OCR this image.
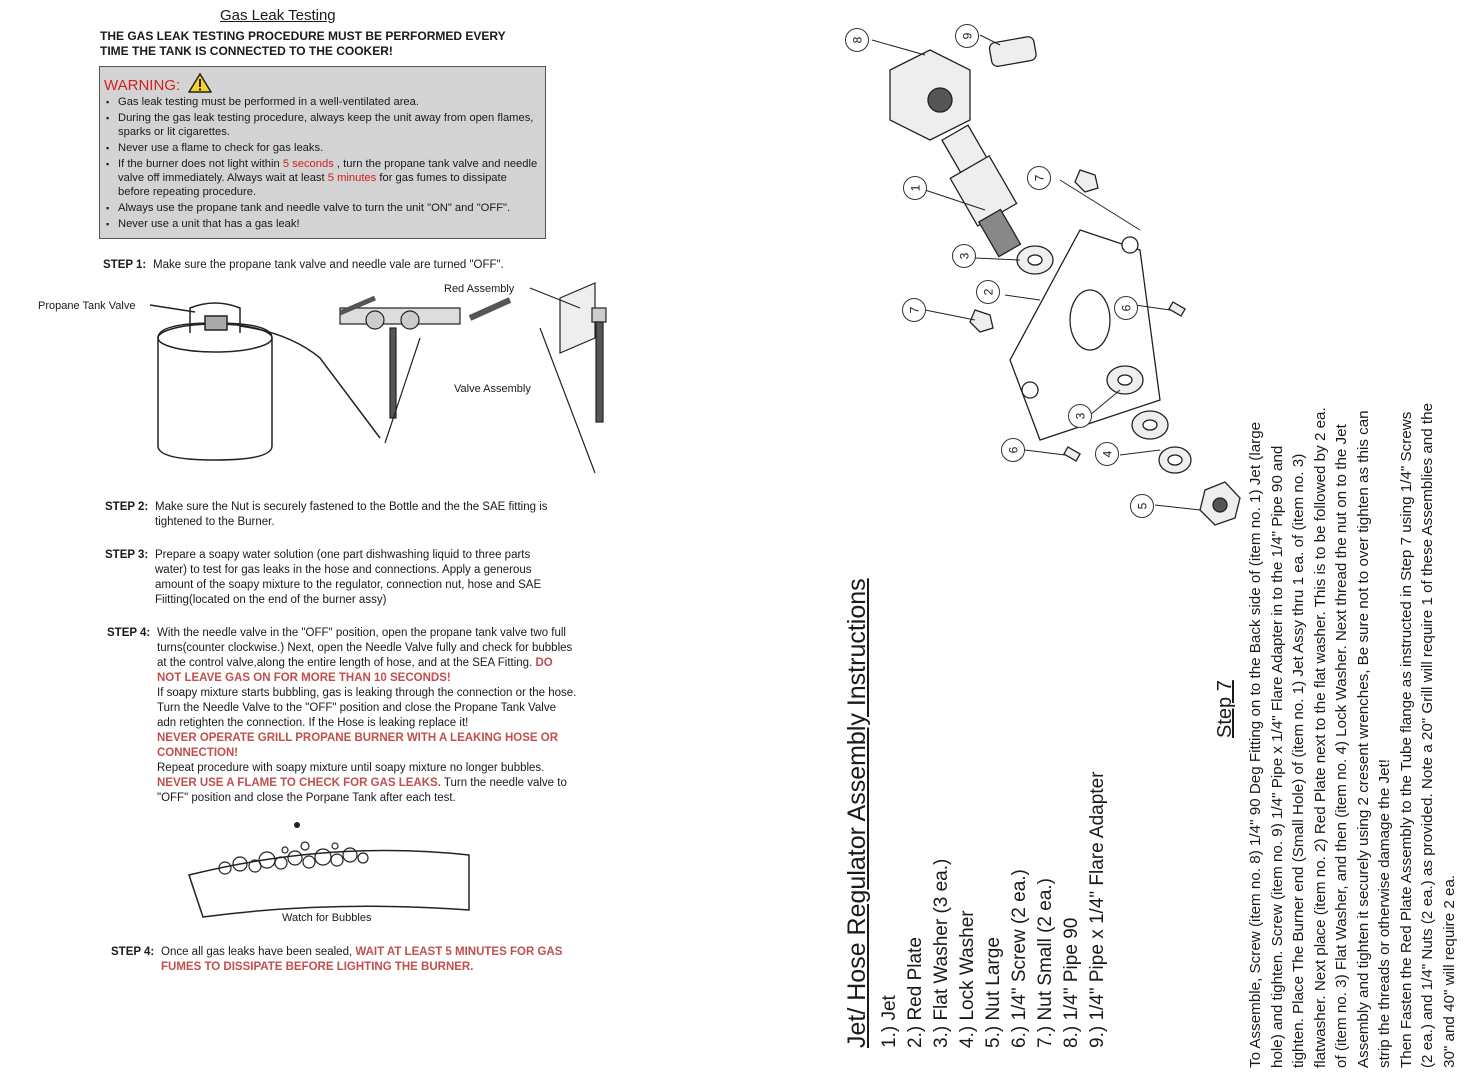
Gas Leak Testing
THE GAS LEAK TESTING PROCEDURE MUST BE PERFORMED EVERY TIME THE TANK IS CONNECTED TO THE COOKER!
WARNING:
▪ Gas leak testing must be performed in a well-ventilated area.
▪ During the gas leak testing procedure, always keep the unit away from open flames, sparks or lit cigarettes.
▪ Never use a flame to check for gas leaks.
▪ If the burner does not light within 5 seconds , turn the propane tank valve and needle valve off immediately. Always wait at least 5 minutes for gas fumes to dissipate before repeating procedure.
▪ Always use the propane tank and needle valve to turn the unit "ON" and "OFF".
▪ Never use a unit that has a gas leak!
STEP 1: Make sure the propane tank valve and needle vale are turned "OFF".
Propane Tank Valve
Red Assembly
Valve Assembly
STEP 2: Make sure the Nut is securely fastened to the Bottle and the the SAE fitting is tightened to the Burner.
STEP 3: Prepare a soapy water solution (one part dishwashing liquid to three parts water) to test for gas leaks in the hose and connections. Apply a generous amount of the soapy mixture to the regulator, connection nut, hose and SAE Fiitting(located on the end of the burner assy)
STEP 4: With the needle valve in the "OFF" position, open the propane tank valve two full turns(counter clockwise.) Next, open the Needle Valve fully and check for bubbles at the control valve,along the entire length of hose, and at the SEA Fitting. DO NOT LEAVE GAS ON FOR MORE THAN 10 SECONDS!
If soapy mixture starts bubbling, gas is leaking through the connection or the hose. Turn the Needle Valve to the "OFF" position and close the Propane Tank Valve adn retighten the connection. If the Hose is leaking replace it!
NEVER OPERATE GRILL PROPANE BURNER WITH A LEAKING HOSE OR CONNECTION!
Repeat procedure with soapy mixture until soapy mixture no longer bubbles.
NEVER USE A FLAME TO CHECK FOR GAS LEAKS. Turn the needle valve to "OFF" position and close the Porpane Tank after each test.
Watch for Bubbles
STEP 4: Once all gas leaks have been sealed, WAIT AT LEAST 5 MINUTES FOR GAS FUMES TO DISSIPATE BEFORE LIGHTING THE BURNER.
8
9
1
7
3
2
6
7
3
4
6
5
Jet/ Hose Regulator Assembly Instructions 1.) Jet 2.) Red Plate 3.) Flat Washer (3 ea.) 4.) Lock Washer 5.) Nut Large 6.) 1/4" Screw (2 ea.) 7.) Nut Small (2 ea.) 8.) 1/4" Pipe 90 9.) 1/4" Pipe x 1/4" Flare Adapter
Step 7 To Assemble, Screw (item no. 8) 1/4" 90 Deg Fitting on to the Back side of (item no. 1) Jet (large hole) and tighten. Screw (item no. 9) 1/4" Pipe x 1/4" Flare Adapter in to the 1/4" Pipe 90 and tighten. Place The Burner end (Small Hole) of (item no. 1) Jet Assy thru 1 ea. of (item no. 3) flatwasher. Next place (item no. 2) Red Plate next to the flat washer. This is to be followed by 2 ea. of (item no. 3) Flat Washer, and then (item no. 4) Lock Washer. Next thread the nut on to the Jet Assembly and tighten it securely using 2 cresent wrenches, Be sure not to over tighten as this can strip the threads or otherwise damage the Jet! Then Fasten the Red Plate Assembly to the Tube flange as instructed in Step 7 using 1/4" Screws (2 ea.) and 1/4" Nuts (2 ea.) as provided. Note a 20" Grill will require 1 of these Assemblies and the 30" and 40" will require 2 ea.
